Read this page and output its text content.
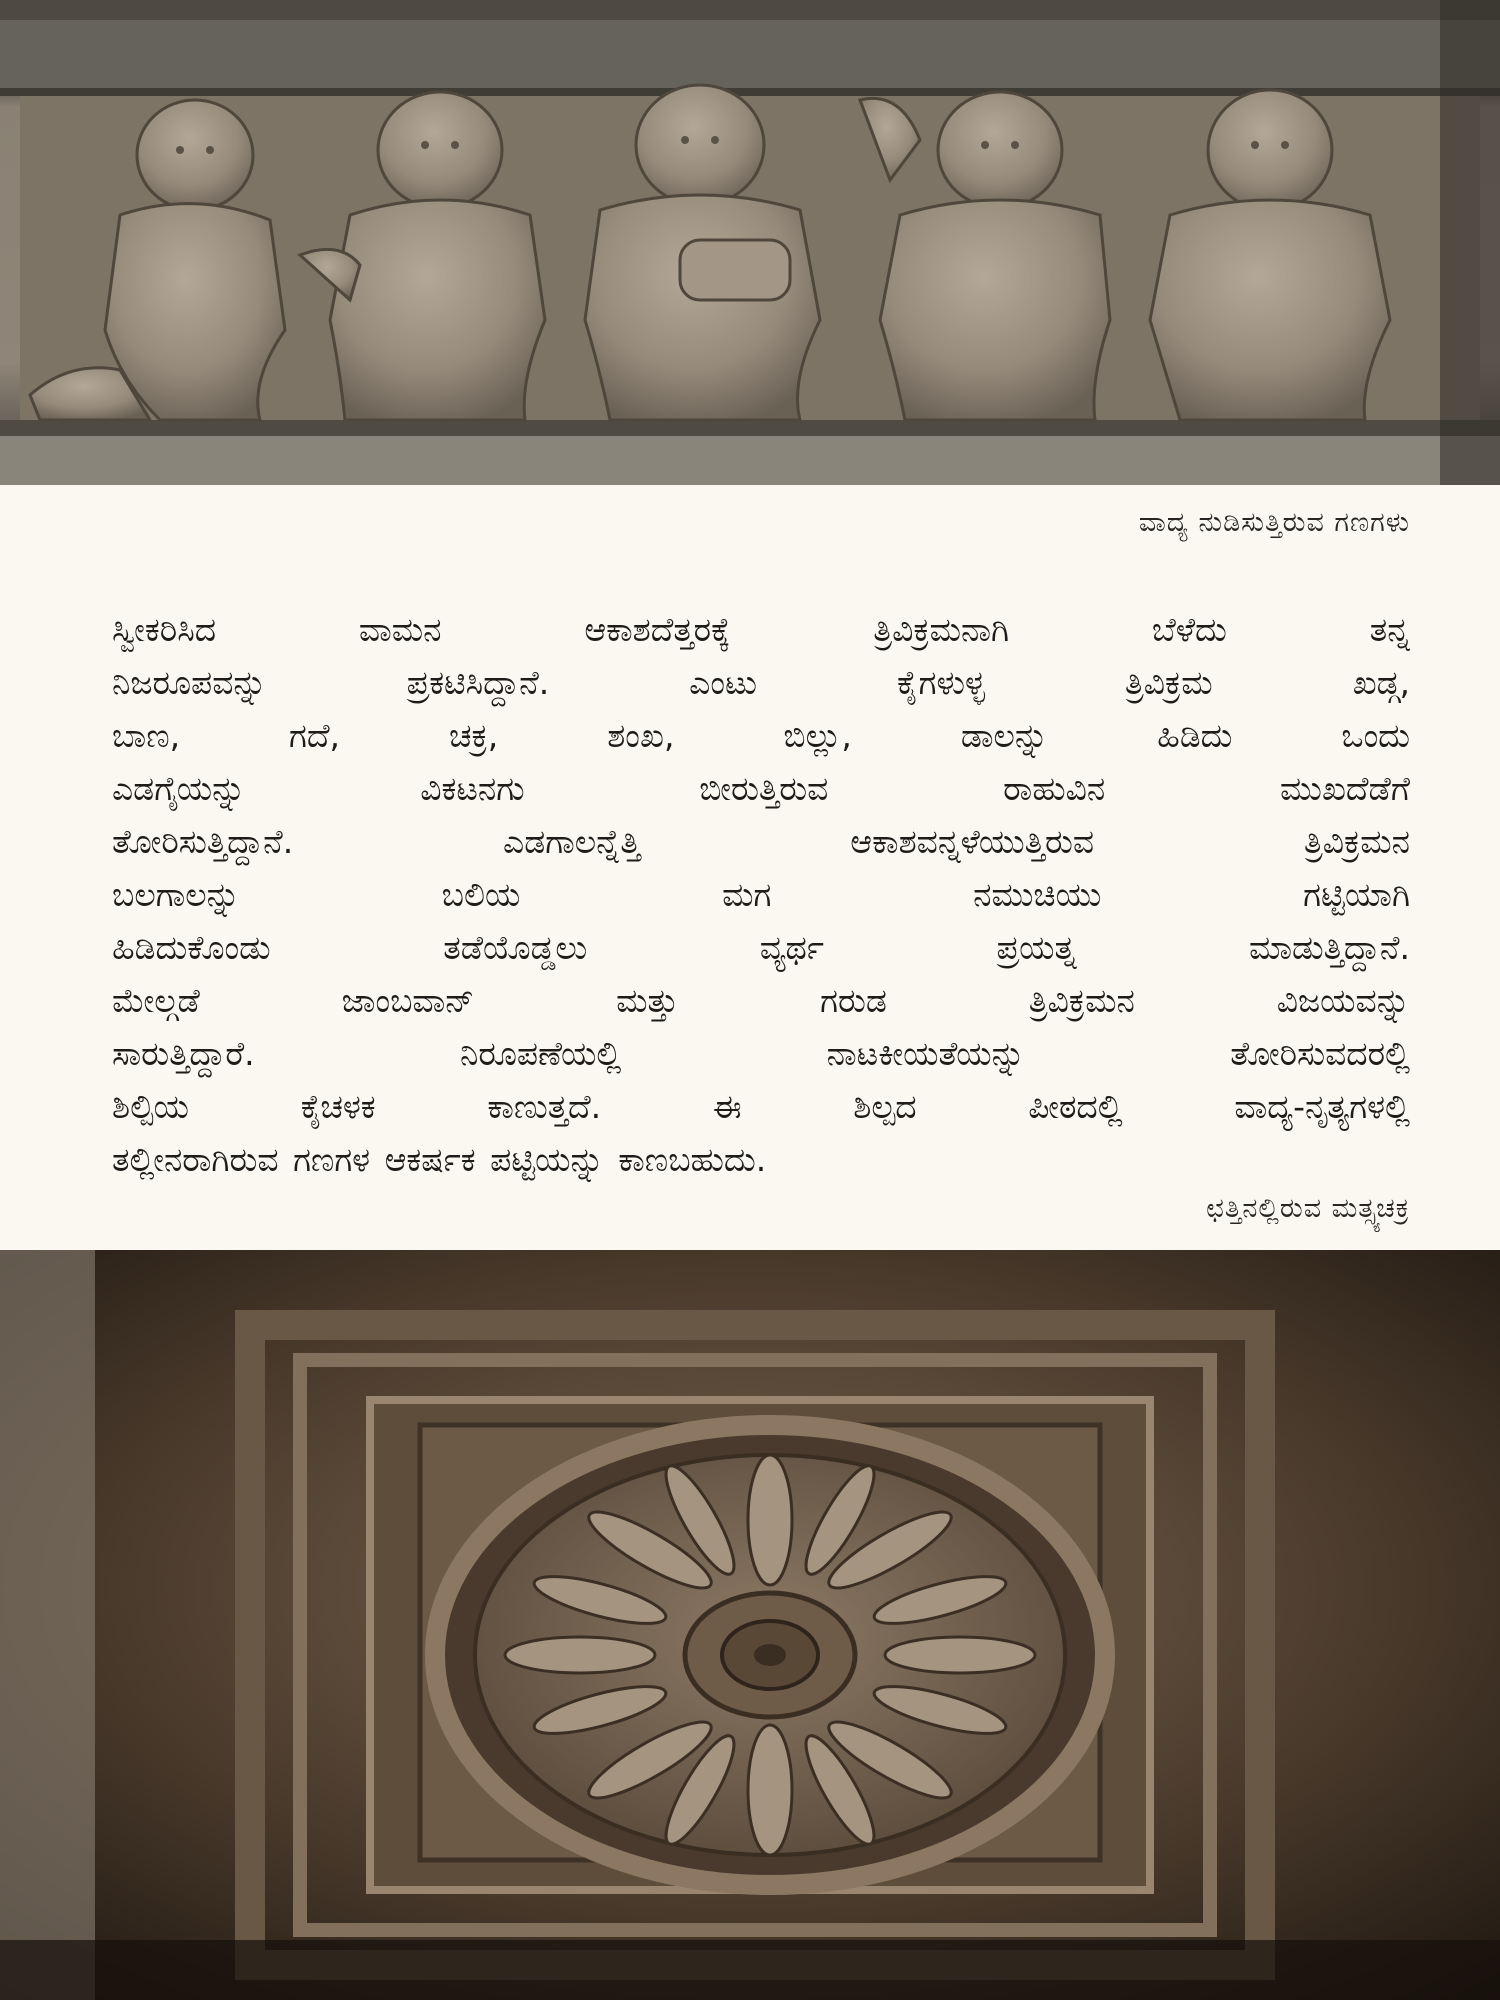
ವಾದ್ಯ ನುಡಿಸುತ್ತಿರುವ ಗಣಗಳು
ಸ್ವೀಕರಿಸಿದ ವಾಮನ ಆಕಾಶದೆತ್ತರಕ್ಕೆ ತ್ರಿವಿಕ್ರಮನಾಗಿ ಬೆಳೆದು ತನ್ನ
ನಿಜರೂಪವನ್ನು ಪ್ರಕಟಿಸಿದ್ದಾನೆ. ಎಂಟು ಕೈಗಳುಳ್ಳ ತ್ರಿವಿಕ್ರಮ ಖಡ್ಗ,
ಬಾಣ, ಗದೆ, ಚಕ್ರ, ಶಂಖ, ಬಿಲ್ಲು, ಡಾಲನ್ನು ಹಿಡಿದು ಒಂದು
ಎಡಗೈಯನ್ನು ವಿಕಟನಗು ಬೀರುತ್ತಿರುವ ರಾಹುವಿನ ಮುಖದೆಡೆಗೆ
ತೋರಿಸುತ್ತಿದ್ದಾನೆ. ಎಡಗಾಲನ್ನೆತ್ತಿ ಆಕಾಶವನ್ನಳೆಯುತ್ತಿರುವ ತ್ರಿವಿಕ್ರಮನ
ಬಲಗಾಲನ್ನು ಬಲಿಯ ಮಗ ನಮುಚಿಯು ಗಟ್ಟಿಯಾಗಿ
ಹಿಡಿದುಕೊಂಡು ತಡೆಯೊಡ್ಡಲು ವ್ಯರ್ಥ ಪ್ರಯತ್ನ ಮಾಡುತ್ತಿದ್ದಾನೆ.
ಮೇಲ್ಗಡೆ ಜಾಂಬವಾನ್ ಮತ್ತು ಗರುಡ ತ್ರಿವಿಕ್ರಮನ ವಿಜಯವನ್ನು
ಸಾರುತ್ತಿದ್ದಾರೆ. ನಿರೂಪಣೆಯಲ್ಲಿ ನಾಟಕೀಯತೆಯನ್ನು ತೋರಿಸುವದರಲ್ಲಿ
ಶಿಲ್ಪಿಯ ಕೈಚಳಕ ಕಾಣುತ್ತದೆ. ಈ ಶಿಲ್ಪದ ಪೀಠದಲ್ಲಿ ವಾದ್ಯ-ನೃತ್ಯಗಳಲ್ಲಿ
ತಲ್ಲೀನರಾಗಿರುವ ಗಣಗಳ ಆಕರ್ಷಕ ಪಟ್ಟಿಯನ್ನು ಕಾಣಬಹುದು.
ಛತ್ತಿನಲ್ಲಿರುವ ಮತ್ಸ್ಯಚಕ್ರ
